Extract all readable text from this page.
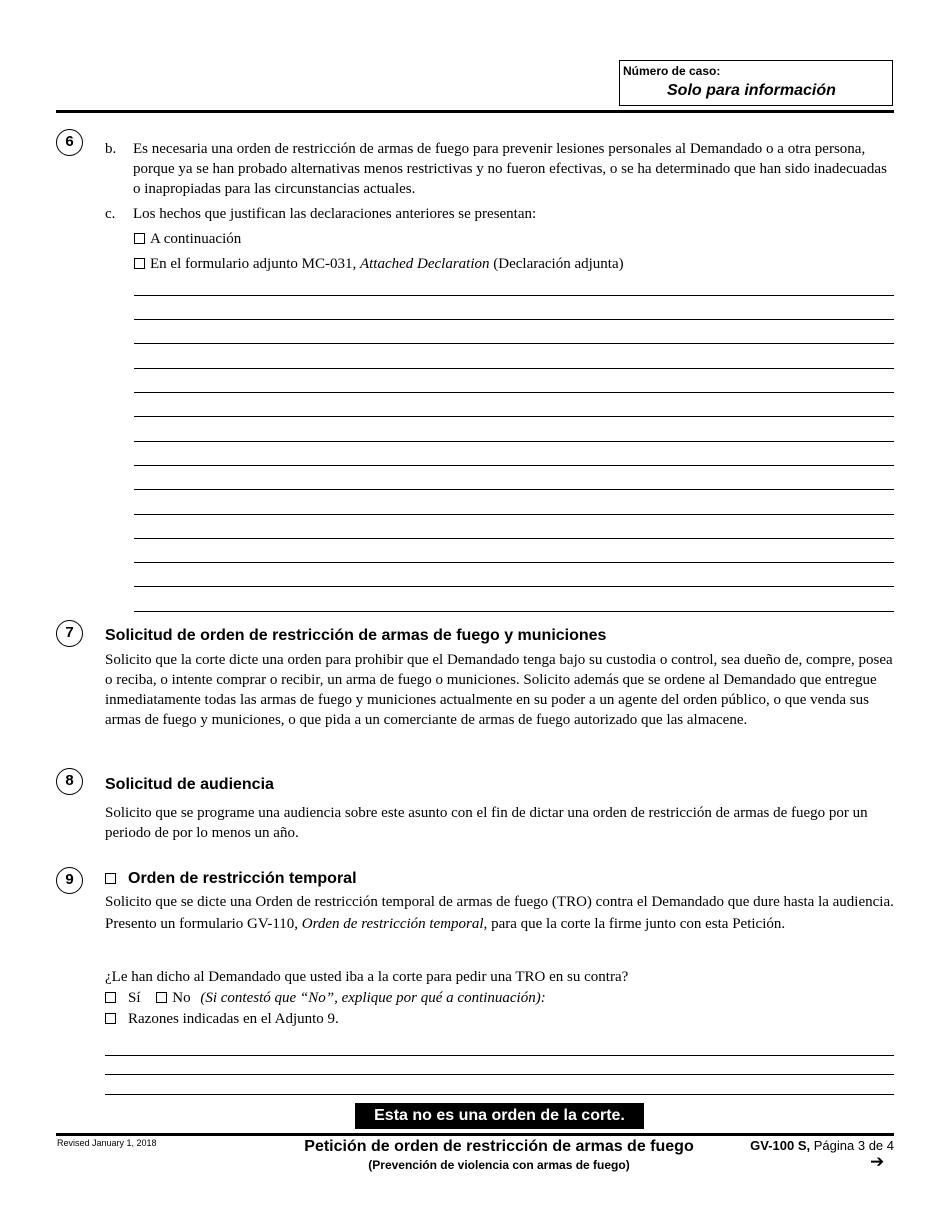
Número de caso:
Solo para información
6	b. Es necesaria una orden de restricción de armas de fuego para prevenir lesiones personales al Demandado o a otra persona, porque ya se han probado alternativas menos restrictivas y no fueron efectivas, o se ha determinado que han sido inadecuadas o inapropiadas para las circunstancias actuales.

c. Los hechos que justifican las declaraciones anteriores se presentan:
A continuación
En el formulario adjunto MC-031, Attached Declaration (Declaración adjunta)
7	Solicitud de orden de restricción de armas de fuego y municiones

Solicito que la corte dicte una orden para prohibir que el Demandado tenga bajo su custodia o control, sea dueño de, compre, posea o reciba, o intente comprar o recibir, un arma de fuego o municiones. Solicito además que se ordene al Demandado que entregue inmediatamente todas las armas de fuego y municiones actualmente en su poder a un agente del orden público, o que venda sus armas de fuego y municiones, o que pida a un comerciante de armas de fuego autorizado que las almacene.

8	Solicitud de audiencia

Solicito que se programe una audiencia sobre este asunto con el fin de dictar una orden de restricción de armas de fuego por un periodo de por lo menos un año.

9	Orden de restricción temporal

Solicito que se dicte una Orden de restricción temporal de armas de fuego (TRO) contra el Demandado que dure hasta la audiencia. Presento un formulario GV-110, Orden de restricción temporal, para que la corte la firme junto con esta Petición.

¿Le han dicho al Demandado que usted iba a la corte para pedir una TRO en su contra?
Sí No (Si contestó que “No”, explique por qué a continuación):
Razones indicadas en el Adjunto 9.
Esta no es una orden de la corte.
Revised January 1, 2018	Petición de orden de restricción de armas de fuego
(Prevención de violencia con armas de fuego)
GV-100 S, Página 3 de 4
➔
